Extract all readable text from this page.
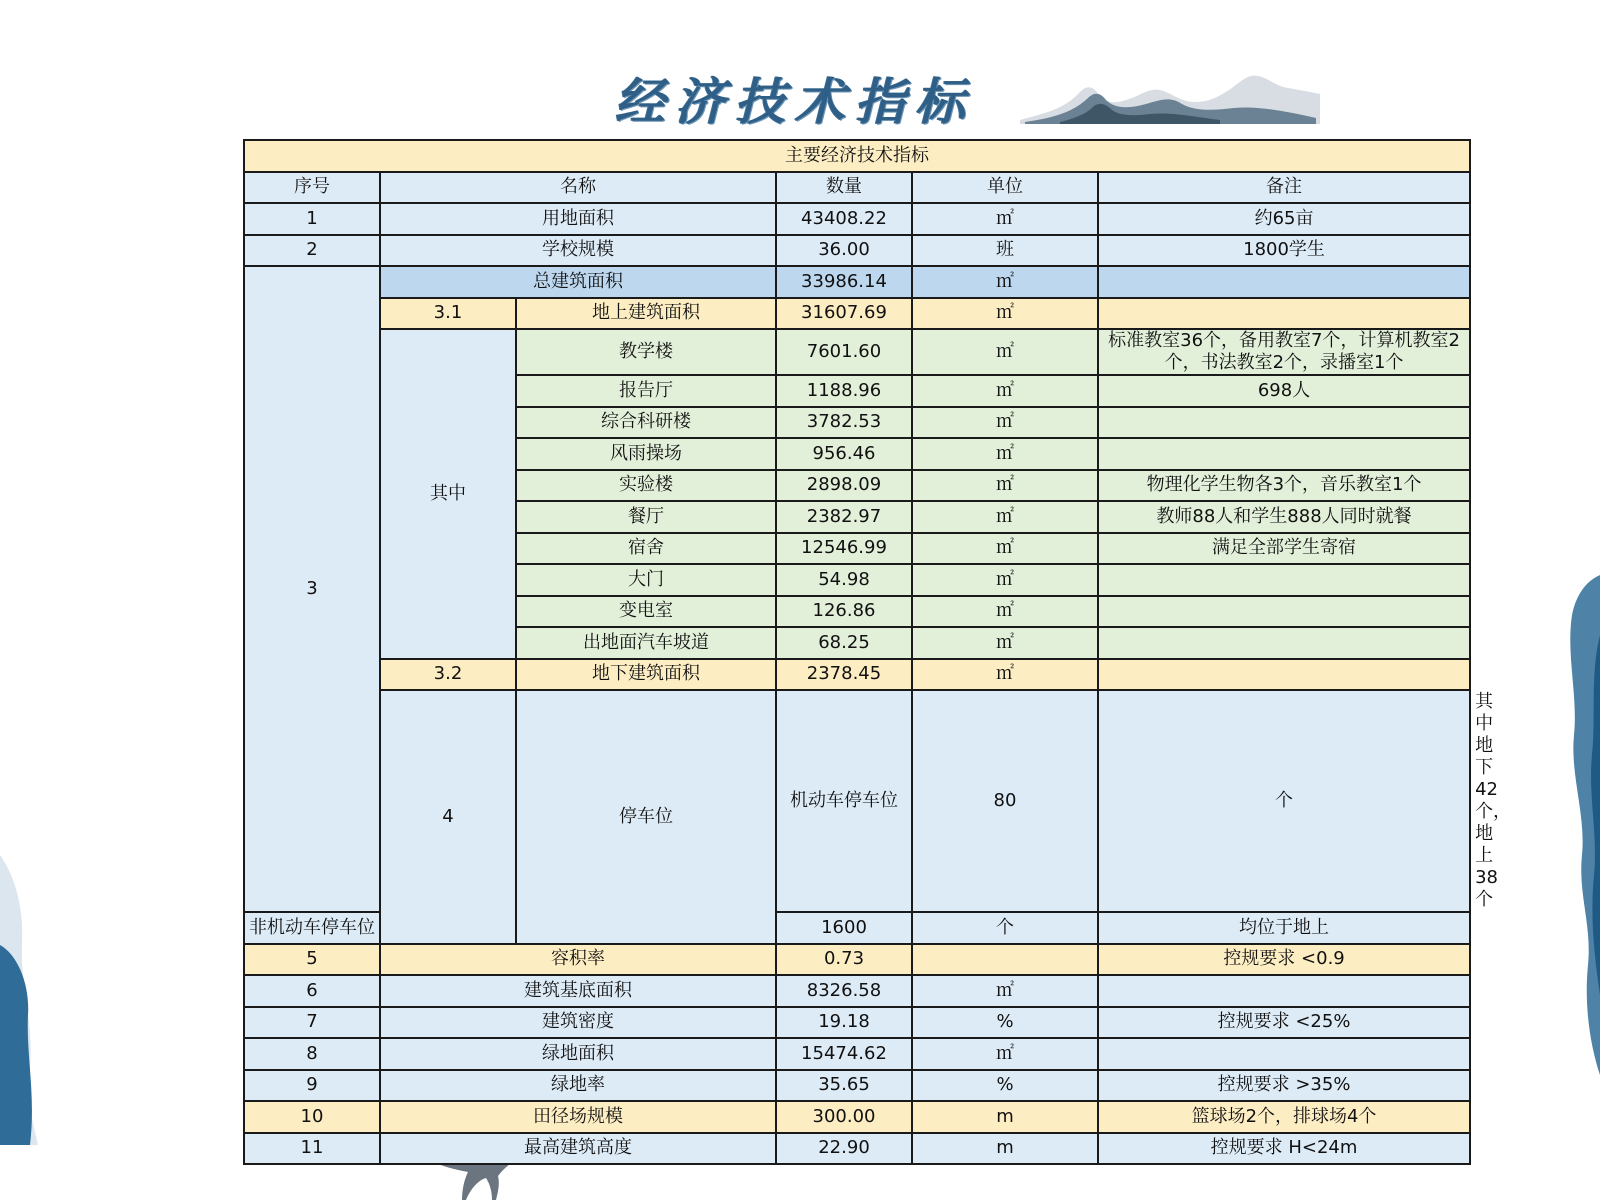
经济技术指标
主要经济技术指标						
序号	名称		数量	单位	备注	
1	用地面积		43408.22	㎡	约65亩	
2	学校规模		36.00	班	1800学生	
3	总建筑面积		33986.14	㎡		
	3.1	地上建筑面积	31607.69	㎡		
	其中	教学楼	7601.60	㎡	标准教室36个，备用教室7个，计算机教室2个，书法教室2个，录播室1个	
		报告厅	1188.96	㎡	698人	
		综合科研楼	3782.53	㎡		
		风雨操场	956.46	㎡		
		实验楼	2898.09	㎡	物理化学生物各3个，音乐教室1个	
		餐厅	2382.97	㎡	教师88人和学生888人同时就餐	
		宿舍	12546.99	㎡	满足全部学生寄宿	
		大门	54.98	㎡		
		变电室	126.86	㎡		
		出地面汽车坡道	68.25	㎡		
	3.2	地下建筑面积	2378.45	㎡		
	4	停车位	机动车停车位	80	个	其中地下42个，地上38个
非机动车停车位			1600	个	均位于地上	
5	容积率		0.73		控规要求 <0.9	
6	建筑基底面积		8326.58	㎡		
7	建筑密度		19.18	%	控规要求 <25%	
8	绿地面积		15474.62	㎡		
9	绿地率		35.65	%	控规要求 >35%	
10	田径场规模		300.00	m	篮球场2个，排球场4个	
11	最高建筑高度		22.90	m	控规要求 H<24m	
